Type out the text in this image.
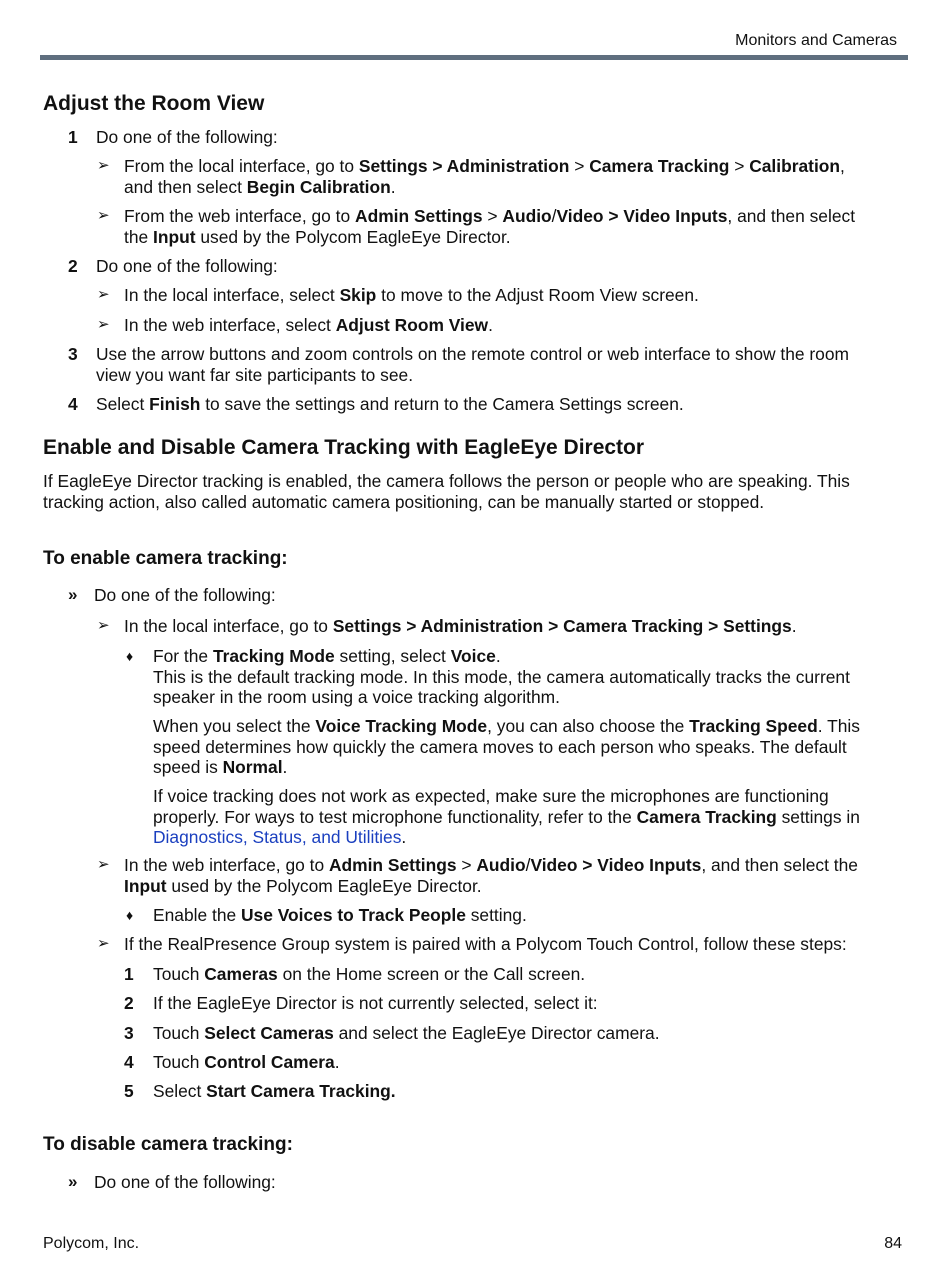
Monitors and Cameras
Adjust the Room View
1 Do one of the following:
➢ From the local interface, go to Settings > Administration > Camera Tracking > Calibration,
and then select Begin Calibration.
➢ From the web interface, go to Admin Settings > Audio/Video > Video Inputs, and then select
the Input used by the Polycom EagleEye Director.
2 Do one of the following:
➢ In the local interface, select Skip to move to the Adjust Room View screen.
➢ In the web interface, select Adjust Room View.
3 Use the arrow buttons and zoom controls on the remote control or web interface to show the room
view you want far site participants to see.
4 Select Finish to save the settings and return to the Camera Settings screen.
Enable and Disable Camera Tracking with EagleEye Director
If EagleEye Director tracking is enabled, the camera follows the person or people who are speaking. This
tracking action, also called automatic camera positioning, can be manually started or stopped.
To enable camera tracking:
» Do one of the following:
➢ In the local interface, go to Settings > Administration > Camera Tracking > Settings.
♦ For the Tracking Mode setting, select Voice.
This is the default tracking mode. In this mode, the camera automatically tracks the current
speaker in the room using a voice tracking algorithm.
When you select the Voice Tracking Mode, you can also choose the Tracking Speed. This
speed determines how quickly the camera moves to each person who speaks. The default
speed is Normal.
If voice tracking does not work as expected, make sure the microphones are functioning
properly. For ways to test microphone functionality, refer to the Camera Tracking settings in
Diagnostics, Status, and Utilities.
➢ In the web interface, go to Admin Settings > Audio/Video > Video Inputs, and then select the
Input used by the Polycom EagleEye Director.
♦ Enable the Use Voices to Track People setting.
➢ If the RealPresence Group system is paired with a Polycom Touch Control, follow these steps:
1 Touch Cameras on the Home screen or the Call screen.
2 If the EagleEye Director is not currently selected, select it:
3 Touch Select Cameras and select the EagleEye Director camera.
4 Touch Control Camera.
5 Select Start Camera Tracking.
To disable camera tracking:
» Do one of the following:
Polycom, Inc.	84
